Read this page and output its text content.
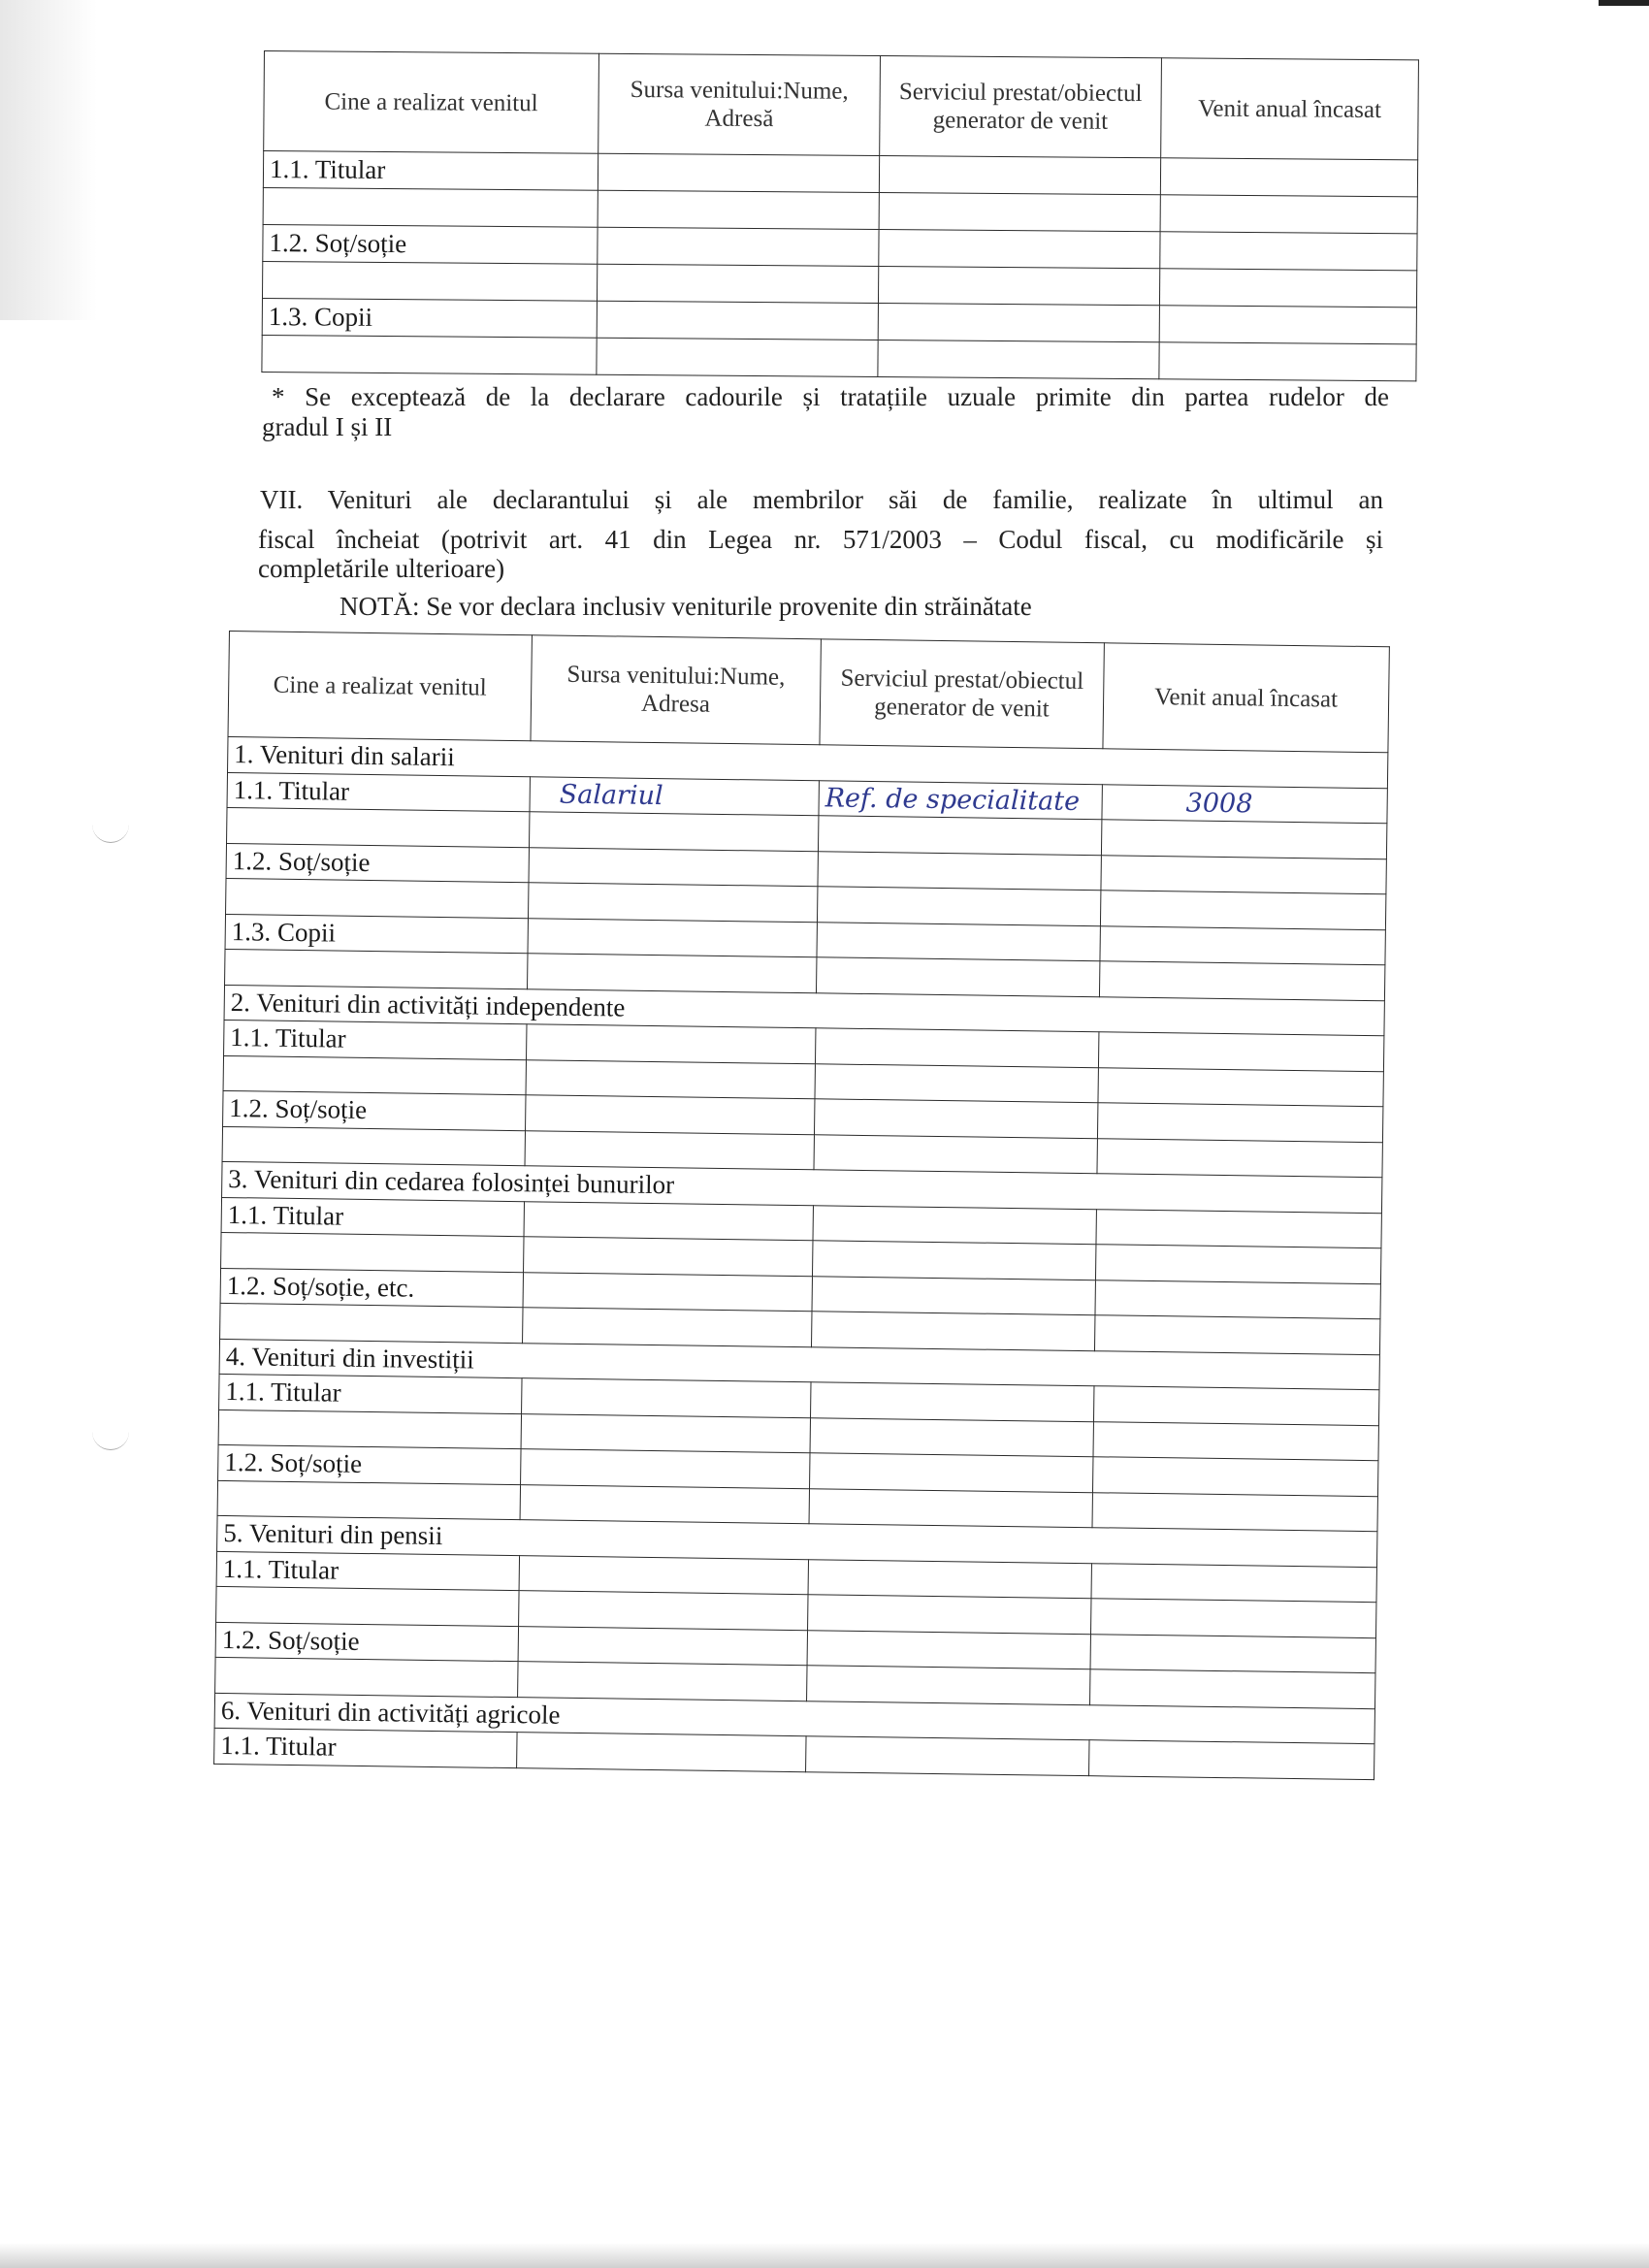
Cine a realizat venitul	Sursa venitului:Nume, Adresă	Serviciul prestat/obiectul generator de venit	Venit anual încasat
1.1. Titular			

1.2. Soț/soție			

1.3. Copii			

* Se exceptează de la declarare cadourile și tratațiile uzuale primite din partea rudelor de
gradul I și II
VII. Venituri ale declarantului și ale membrilor săi de familie, realizate în ultimul an
fiscal încheiat (potrivit art. 41 din Legea nr. 571/2003 – Codul fiscal, cu modificările și
completările ulterioare)
NOTĂ: Se vor declara inclusiv veniturile provenite din străinătate
Cine a realizat venitul	Sursa venitului:Nume, Adresa	Serviciul prestat/obiectul generator de venit	Venit anual încasat
1. Venituri din salarii			
1.1. Titular	Salariul	Ref. de specialitate	3008

1.2. Soț/soție			

1.3. Copii			

2. Venituri din activități independente			
1.1. Titular			

1.2. Soț/soție			

3. Venituri din cedarea folosinței bunurilor			
1.1. Titular			

1.2. Soț/soție, etc.			

4. Venituri din investiții			
1.1. Titular			

1.2. Soț/soție			

5. Venituri din pensii			
1.1. Titular			

1.2. Soț/soție			

6. Venituri din activități agricole			
1.1. Titular			
